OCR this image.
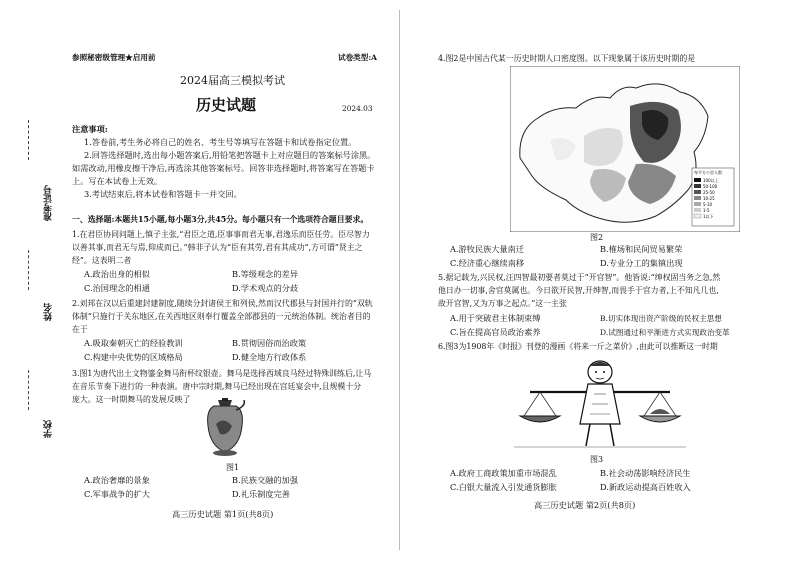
准考证号
姓名
学校
参照秘密级管理★启用前	试卷类型:A
2024届高三模拟考试
历史试题	2024.03
注意事项:
1.答卷前,考生务必将自己的姓名、考生号等填写在答题卡和试卷指定位置。
2.回答选择题时,选出每小题答案后,用铅笔把答题卡上对应题目的答案标号涂黑。
如需改动,用橡皮擦干净后,再选涂其他答案标号。回答非选择题时,将答案写在答题卡
上。写在本试卷上无效。
3.考试结束后,将本试卷和答题卡一并交回。
一、选择题:本题共15小题,每小题3分,共45分。每小题只有一个选项符合题目要求。
1.在君臣协同问题上,慎子主张,“君臣之道,臣事事而君无事,君逸乐而臣任劳。臣尽智力
以善其事,而君无与焉,仰成而已。”韩非子认为“臣有其劳,君有其成功”,方可谓“贤主之
经”。这表明二者
A.政治出身的相似	B.等级观念的差异
C.治国理念的相通	D.学术观点的分歧
2.刘邦在汉以后重建封建制度,随续分封诸侯王和列侯,然而汉代郡县与封国并行的“双轨
体制”只施行于关东地区,在关西地区则奉行覆盖全部郡县的一元统治体制。统治者目的
在于
A.吸取秦朝灭亡的经验教训	B.贯彻因俗而治政策
C.构建中央优势的区域格局	D.健全地方行政体系
3.图1为唐代出土文物鎏金舞马衔杯纹银壶。舞马是选择西域良马经过特殊训练后,让马
在音乐节奏下进行的一种表演。唐中宗时期,舞马已经出现在宫廷宴会中,且规模十分
庞大。这一时期舞马的发展反映了
图1
A.政治奢靡的景象	B.民族交融的加强
C.军事战争的扩大	D.礼乐制度完善
高三历史试题 第1页(共8页)
4.图2是中国古代某一历史时期人口密度图。以下现象属于该历史时期的是
每平方公里人数
100以上
50-100
25-50
10-25
5-10
1-5
1以下
图2
A.游牧民族大量南迁	B.榷场和民间贸易繁荣
C.经济重心继续南移	D.专业分工的集镇出现
5.据记载为,兴民权,汪四智最初要者莫过于“开官智”。他皆说:“绅权固当务之急,然
他日办一切事,舍官莫属也。今日欲开民智,开绅智,而畏手于官力者,上不知凡几也,
故开官智,又为万事之起点。”这一主张
A.用于突破君主体制束缚	B.切实体现出资产阶级的民权主思想
C.旨在提高官员政治素养	D.试图通过和平渐进方式实现政治变革
6.图3为1908年《时报》刊登的漫画《将来一斤之菜价》,由此可以推断这一时期
图3
A.政府工商政策加重市场混乱	B.社会动荡影响经济民生
C.白银大量流入引发通货膨胀	D.新政运动提高百姓收入
高三历史试题 第2页(共8页)
